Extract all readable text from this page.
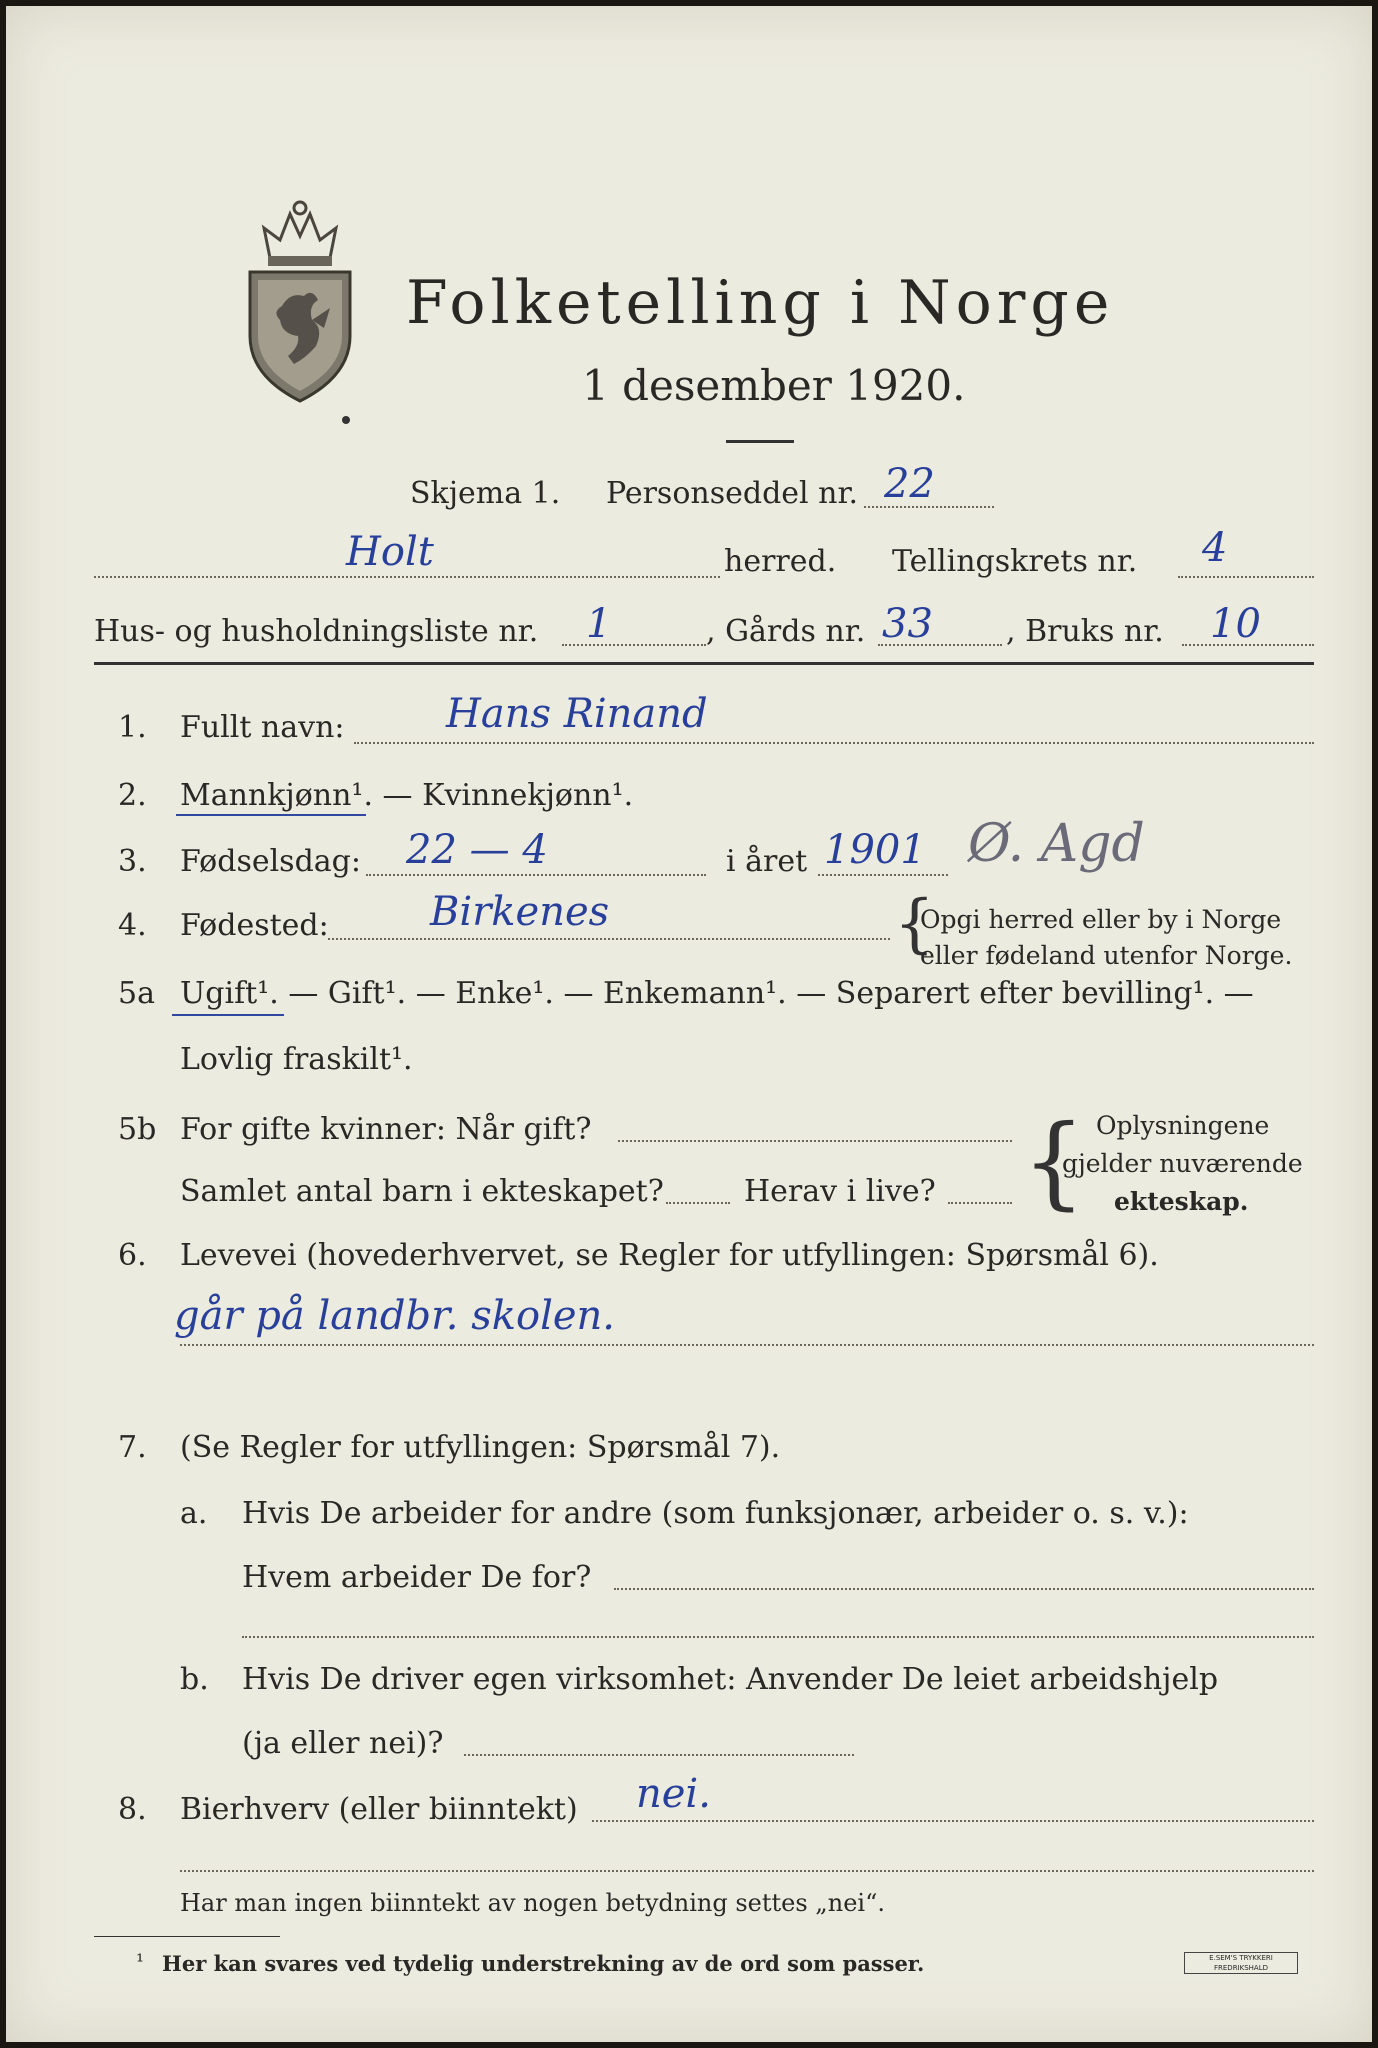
Folketelling i Norge
1 desember 1920.
Skjema 1. Personseddel nr. 22
Holt	herred. Tellingskrets nr. 4
Hus- og husholdningsliste nr. 1	, Gårds nr. 33 , Bruks nr. 10
1. Fullt navn:	Hans Rinand
2. Mannkjønn¹. — Kvinnekjønn¹.
3. Fødselsdag: 22 — 4	i året 1901 Ø. Agd
4. Fødested:	Birkenes	{
Opgi herred eller by i Norge
eller fødeland utenfor Norge.
5a Ugift¹. — Gift¹. — Enke¹. — Enkemann¹. — Separert efter bevilling¹. —
Lovlig fraskilt¹.
5b For gifte kvinner: Når gift?
Samlet antal barn i ekteskapet?	Herav i live? { Oplysningene
gjelder nuværende
ekteskap.
6. Levevei (hovederhvervet, se Regler for utfyllingen: Spørsmål 6).
går på landbr. skolen.
7. (Se Regler for utfyllingen: Spørsmål 7).
a. Hvis De arbeider for andre (som funksjonær, arbeider o. s. v.):
Hvem arbeider De for?
b. Hvis De driver egen virksomhet: Anvender De leiet arbeidshjelp
(ja eller nei)?
8. Bierhverv (eller biinntekt) nei.
Har man ingen biinntekt av nogen betydning settes „nei“.
¹ Her kan svares ved tydelig understrekning av de ord som passer.	E.SEM'S TRYKKERI FREDRIKSHALD
